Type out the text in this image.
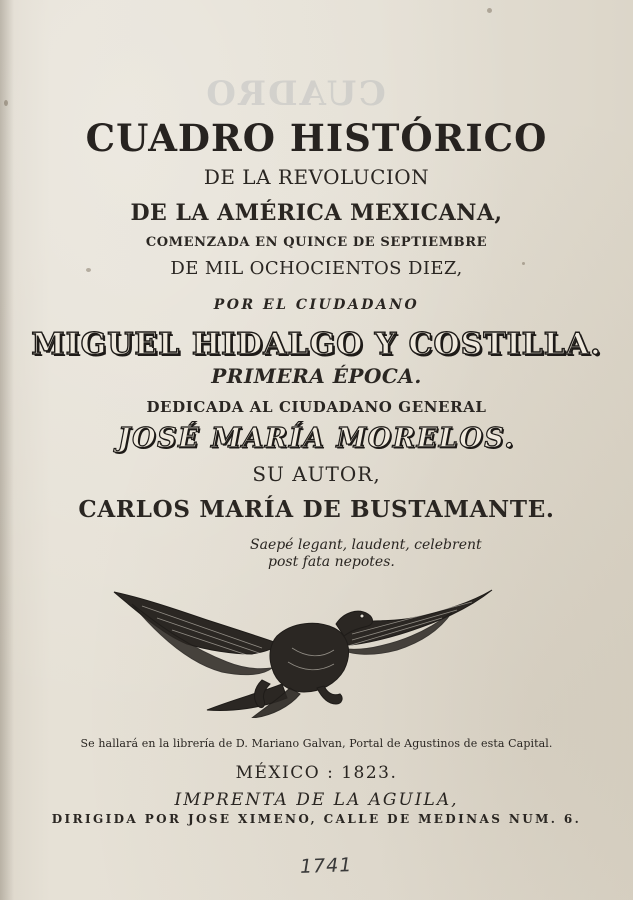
CUADRO
CUADRO HISTÓRICO
DE LA REVOLUCION
DE LA AMÉRICA MEXICANA,
COMENZADA EN QUINCE DE SEPTIEMBRE
DE MIL OCHOCIENTOS DIEZ,
POR EL CIUDADANO
MIGUEL HIDALGO Y COSTILLA.
PRIMERA ÉPOCA.
DEDICADA AL CIUDADANO GENERAL
JOSÉ MARÍA MORELOS.
SU AUTOR,
CARLOS MARÍA DE BUSTAMANTE.
Saepé legant, laudent, celebrent
post fata nepotes.
Se hallará en la librería de D. Mariano Galvan, Portal de Agustinos de esta Capital.
MÉXICO : 1823.
IMPRENTA DE LA AGUILA,
DIRIGIDA POR JOSE XIMENO, CALLE DE MEDINAS NUM. 6.
1741
